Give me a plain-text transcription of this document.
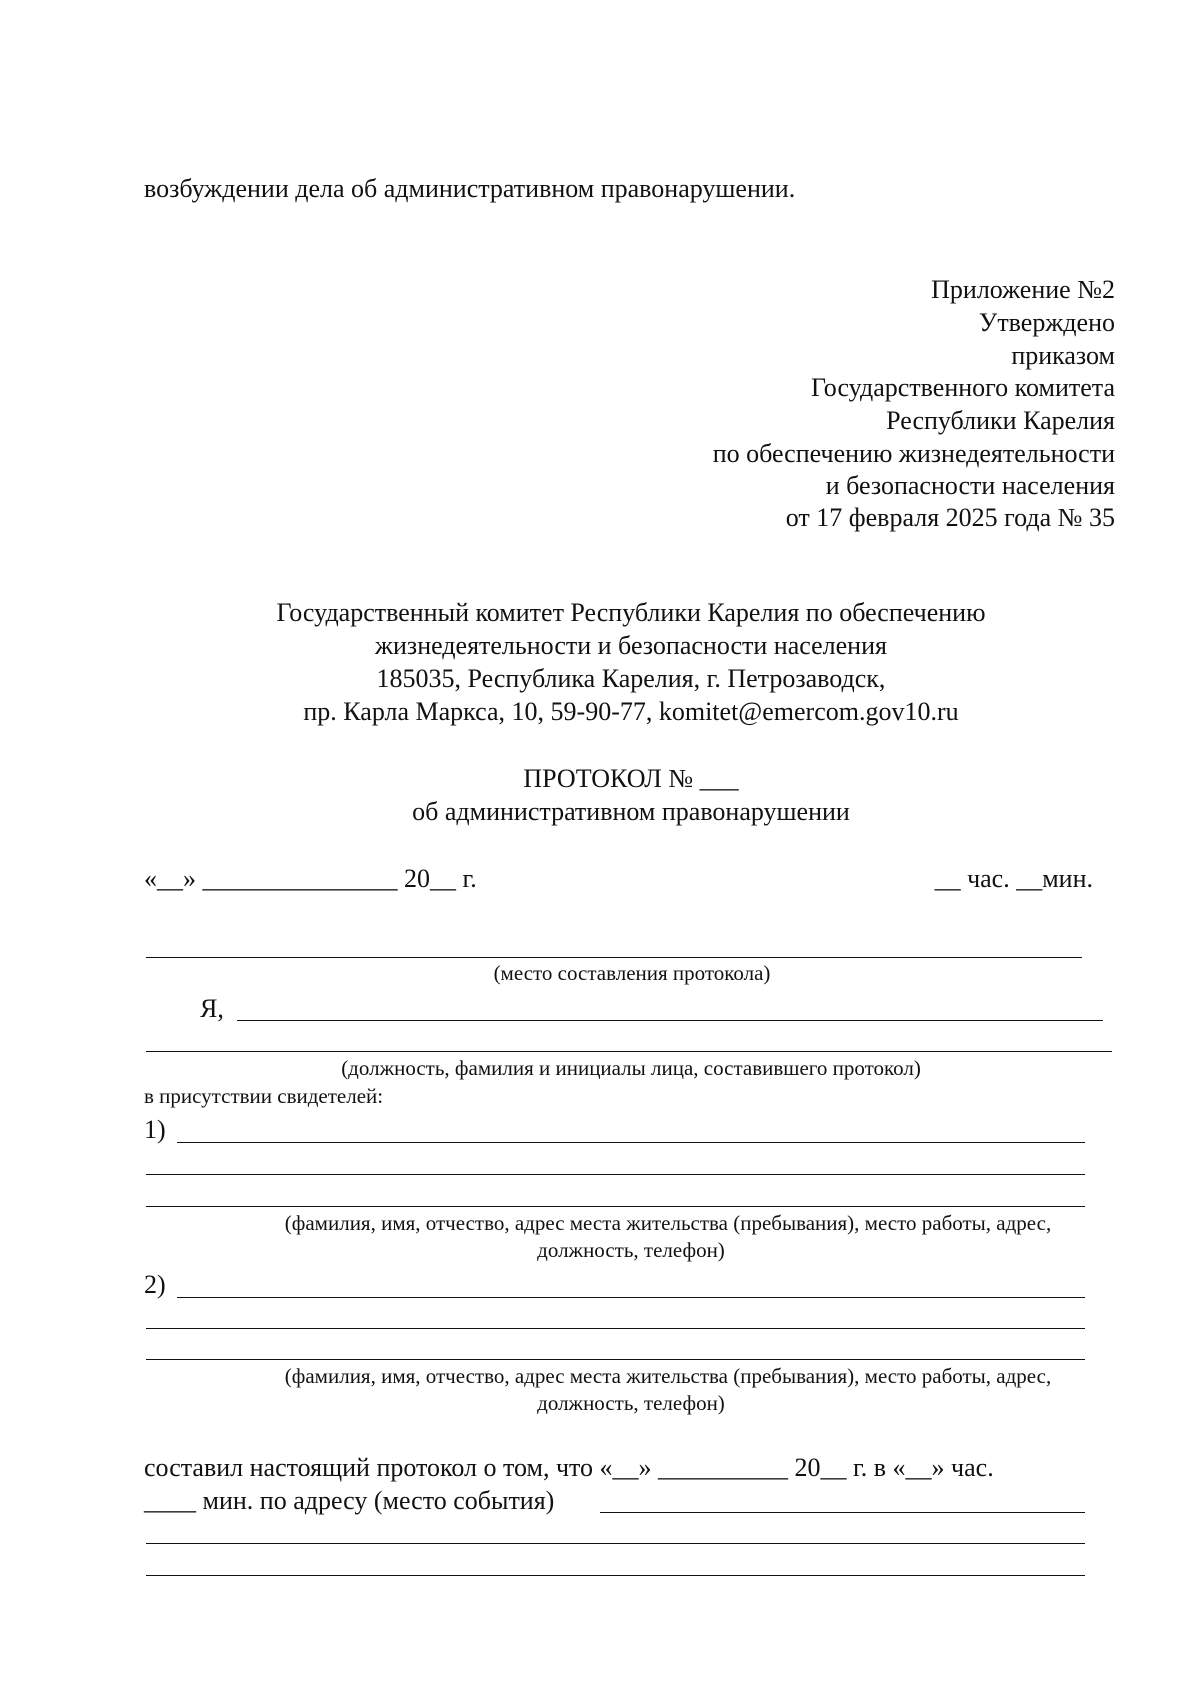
возбуждении дела об административном правонарушении.
Приложение №2
Утверждено
приказом
Государственного комитета
Республики Карелия
по обеспечению жизнедеятельности
и безопасности населения
от 17 февраля 2025 года № 35
Государственный комитет Республики Карелия по обеспечению
жизнедеятельности и безопасности населения
185035, Республика Карелия, г. Петрозаводск,
пр. Карла Маркса, 10, 59-90-77, komitet@emercom.gov10.ru
ПРОТОКОЛ № ___
об административном правонарушении
«__» _______________ 20__ г.	__ час. __мин.
(место составления протокола)
Я,
(должность, фамилия и инициалы лица, составившего протокол)
в присутствии свидетелей:
1)
(фамилия, имя, отчество, адрес места жительства (пребывания), место работы, адрес,
должность, телефон)
2)
(фамилия, имя, отчество, адрес места жительства (пребывания), место работы, адрес,
должность, телефон)
составил настоящий протокол о том, что «__» __________ 20__ г. в «__» час.
____ мин. по адресу (место события)
